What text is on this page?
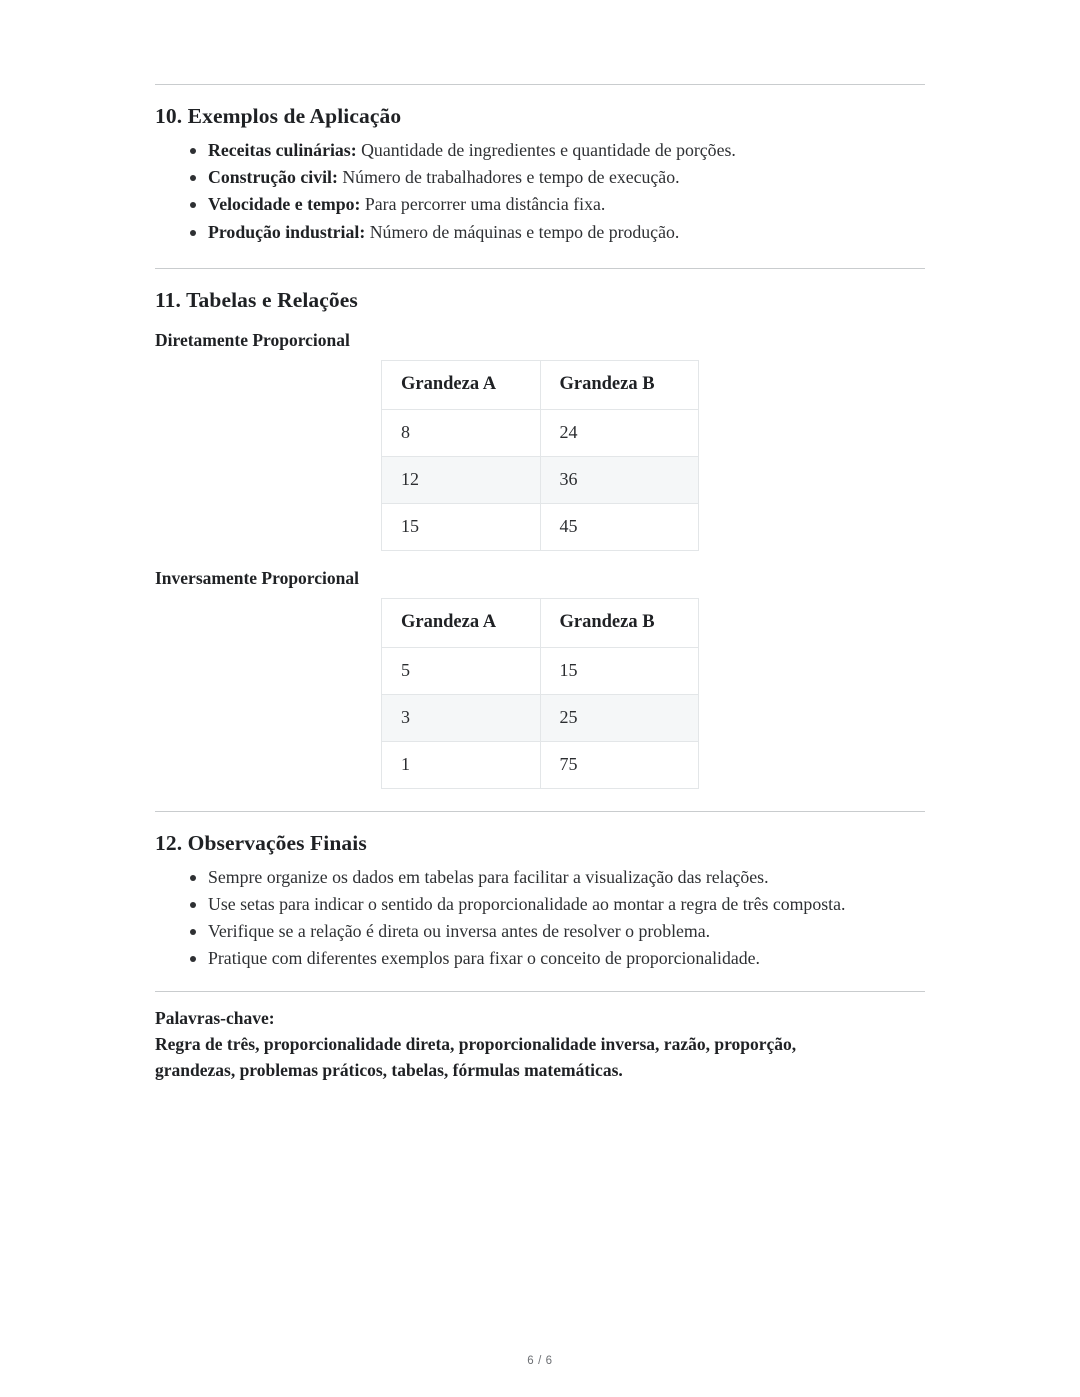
10. Exemplos de Aplicação
Receitas culinárias: Quantidade de ingredientes e quantidade de porções.
Construção civil: Número de trabalhadores e tempo de execução.
Velocidade e tempo: Para percorrer uma distância fixa.
Produção industrial: Número de máquinas e tempo de produção.
11. Tabelas e Relações
Diretamente Proporcional
Grandeza A	Grandeza B
8	24
12	36
15	45
Inversamente Proporcional
Grandeza A	Grandeza B
5	15
3	25
1	75
12. Observações Finais
Sempre organize os dados em tabelas para facilitar a visualização das relações.
Use setas para indicar o sentido da proporcionalidade ao montar a regra de três composta.
Verifique se a relação é direta ou inversa antes de resolver o problema.
Pratique com diferentes exemplos para fixar o conceito de proporcionalidade.
Palavras-chave:
Regra de três, proporcionalidade direta, proporcionalidade inversa, razão, proporção, grandezas, problemas práticos, tabelas, fórmulas matemáticas.
6 / 6
